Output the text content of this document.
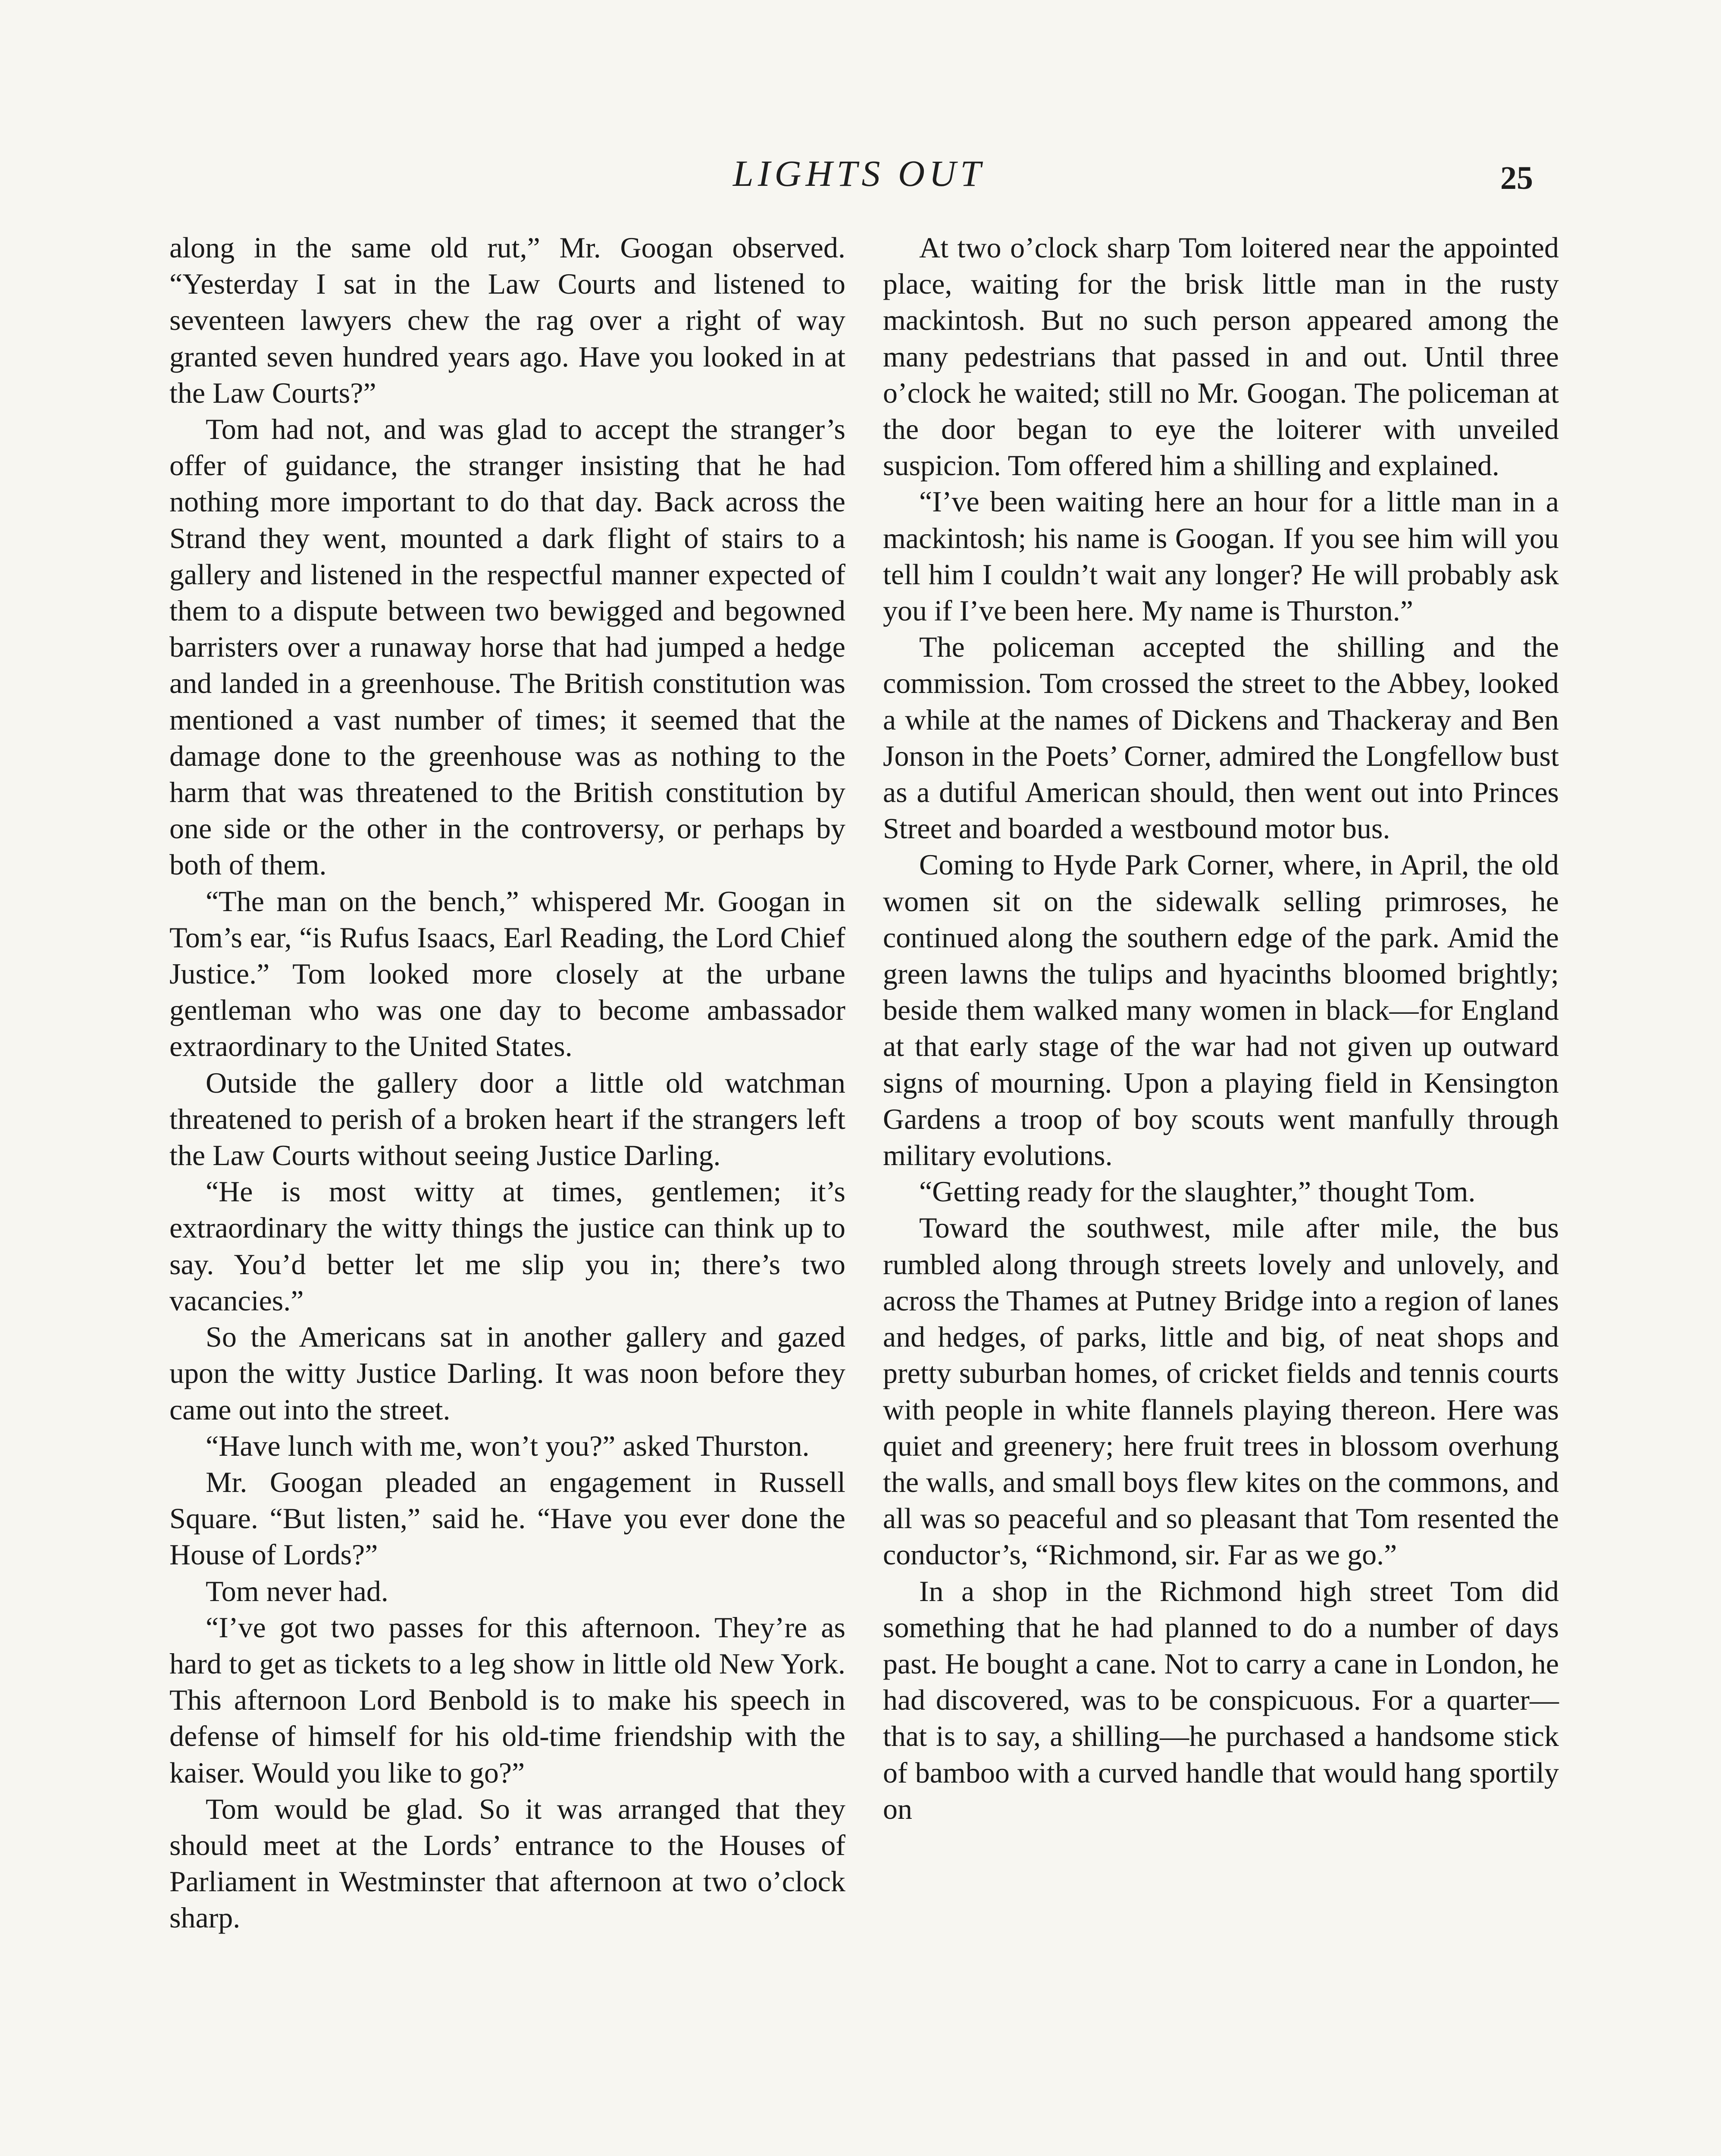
LIGHTS OUT	25

along in the same old rut,” Mr. Googan observed. “Yesterday I sat in the Law Courts and listened to seventeen lawyers chew the rag over a right of way granted seven hundred years ago. Have you looked in at the Law Courts?”

Tom had not, and was glad to accept the stranger’s offer of guidance, the stranger insisting that he had nothing more important to do that day. Back across the Strand they went, mounted a dark flight of stairs to a gallery and listened in the respectful manner expected of them to a dispute between two bewigged and begowned barristers over a runaway horse that had jumped a hedge and landed in a greenhouse. The British constitution was mentioned a vast number of times; it seemed that the damage done to the greenhouse was as nothing to the harm that was threatened to the British constitution by one side or the other in the controversy, or perhaps by both of them.

“The man on the bench,” whispered Mr. Googan in Tom’s ear, “is Rufus Isaacs, Earl Reading, the Lord Chief Justice.” Tom looked more closely at the urbane gentleman who was one day to become ambassador extraordinary to the United States.

Outside the gallery door a little old watchman threatened to perish of a broken heart if the strangers left the Law Courts without seeing Justice Darling.

“He is most witty at times, gentlemen; it’s extraordinary the witty things the justice can think up to say. You’d better let me slip you in; there’s two vacancies.”

So the Americans sat in another gallery and gazed upon the witty Justice Darling. It was noon before they came out into the street.

“Have lunch with me, won’t you?” asked Thurston.

Mr. Googan pleaded an engagement in Russell Square. “But listen,” said he. “Have you ever done the House of Lords?”

Tom never had.

“I’ve got two passes for this afternoon. They’re as hard to get as tickets to a leg show in little old New York. This afternoon Lord Benbold is to make his speech in defense of himself for his old-time friendship with the kaiser. Would you like to go?”

Tom would be glad. So it was arranged that they should meet at the Lords’ entrance to the Houses of Parliament in Westminster that afternoon at two o’clock sharp.

At two o’clock sharp Tom loitered near the appointed place, waiting for the brisk little man in the rusty mackintosh. But no such person appeared among the many pedestrians that passed in and out. Until three o’clock he waited; still no Mr. Googan. The policeman at the door began to eye the loiterer with unveiled suspicion. Tom offered him a shilling and explained.

“I’ve been waiting here an hour for a little man in a mackintosh; his name is Googan. If you see him will you tell him I couldn’t wait any longer? He will probably ask you if I’ve been here. My name is Thurston.”

The policeman accepted the shilling and the commission. Tom crossed the street to the Abbey, looked a while at the names of Dickens and Thackeray and Ben Jonson in the Poets’ Corner, admired the Longfellow bust as a dutiful American should, then went out into Princes Street and boarded a westbound motor bus.

Coming to Hyde Park Corner, where, in April, the old women sit on the sidewalk selling primroses, he continued along the southern edge of the park. Amid the green lawns the tulips and hyacinths bloomed brightly; beside them walked many women in black—for England at that early stage of the war had not given up outward signs of mourning. Upon a playing field in Kensington Gardens a troop of boy scouts went manfully through military evolutions.

“Getting ready for the slaughter,” thought Tom.

Toward the southwest, mile after mile, the bus rumbled along through streets lovely and unlovely, and across the Thames at Putney Bridge into a region of lanes and hedges, of parks, little and big, of neat shops and pretty suburban homes, of cricket fields and tennis courts with people in white flannels playing thereon. Here was quiet and greenery; here fruit trees in blossom overhung the walls, and small boys flew kites on the commons, and all was so peaceful and so pleasant that Tom resented the conductor’s, “Richmond, sir. Far as we go.”

In a shop in the Richmond high street Tom did something that he had planned to do a number of days past. He bought a cane. Not to carry a cane in London, he had discovered, was to be conspicuous. For a quarter—that is to say, a shilling—he purchased a handsome stick of bamboo with a curved handle that would hang sportily on
